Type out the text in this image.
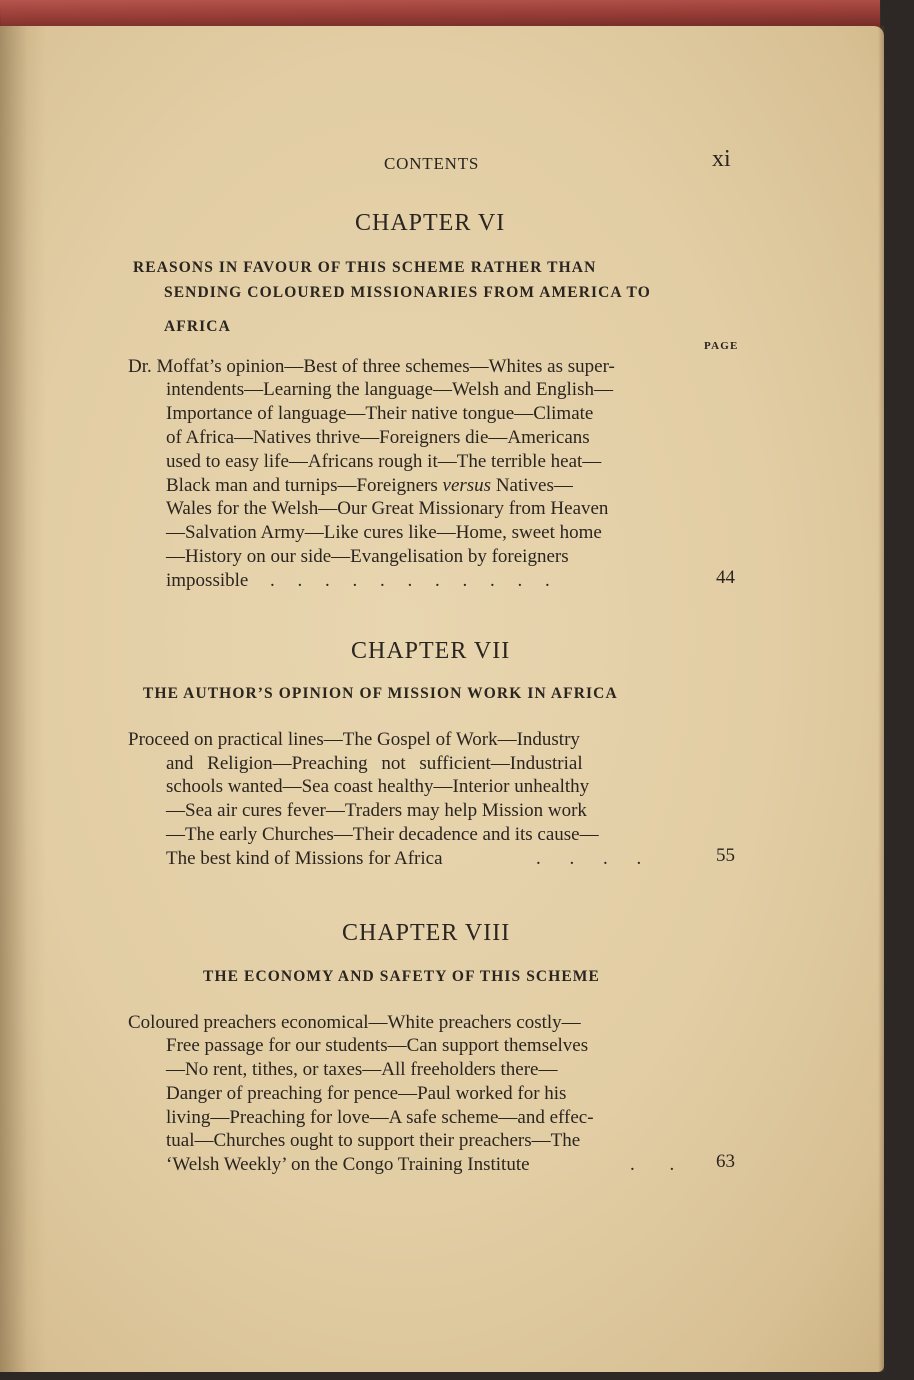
CONTENTS	xi
CHAPTER VI
REASONS IN FAVOUR OF THIS SCHEME RATHER THAN
SENDING COLOURED MISSIONARIES FROM AMERICA TO
AFRICA
PAGE
Dr. Moffat’s opinion—Best of three schemes—Whites as super-
intendents—Learning the language—Welsh and English—
Importance of language—Their native tongue—Climate
of Africa—Natives thrive—Foreigners die—Americans
used to easy life—Africans rough it—The terrible heat—
Black man and turnips—Foreigners versus Natives—
Wales for the Welsh—Our Great Missionary from Heaven
—Salvation Army—Like cures like—Home, sweet home
—History on our side—Evangelisation by foreigners
impossible . . . . . . . . . . .	44
CHAPTER VII
THE AUTHOR’S OPINION OF MISSION WORK IN AFRICA
Proceed on practical lines—The Gospel of Work—Industry
and Religion—Preaching not sufficient—Industrial
schools wanted—Sea coast healthy—Interior unhealthy
—Sea air cures fever—Traders may help Mission work
—The early Churches—Their decadence and its cause—
The best kind of Missions for Africa	. . . .	55
CHAPTER VIII
THE ECONOMY AND SAFETY OF THIS SCHEME
Coloured preachers economical—White preachers costly—
Free passage for our students—Can support themselves
—No rent, tithes, or taxes—All freeholders there—
Danger of preaching for pence—Paul worked for his
living—Preaching for love—A safe scheme—and effec-
tual—Churches ought to support their preachers—The
‘Welsh Weekly’ on the Congo Training Institute	. . 63
